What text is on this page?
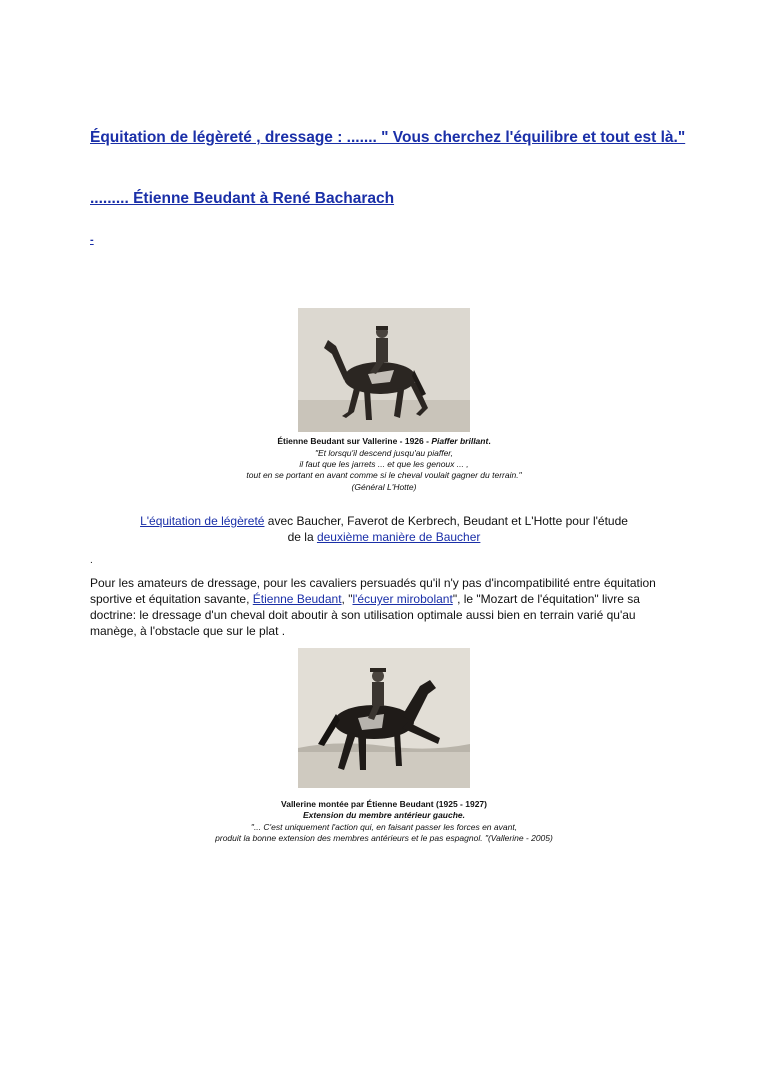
Équitation de légèreté , dressage : ....... " Vous cherchez l'équilibre et tout est là."
......... Étienne Beudant à René Bacharach
-

Étienne Beudant sur Vallerine - 1926 - Piaffer brillant.

"Et lorsqu'il descend jusqu'au piaffer,

il faut que les jarrets ... et que les genoux ... ,

tout en se portant en avant comme si le cheval voulait gagner du terrain."

(Général L'Hotte)

L'équitation de légèreté avec Baucher, Faverot de Kerbrech, Beudant et L'Hotte pour l'étude

de la deuxième manière de Baucher

.

Pour les amateurs de dressage, pour les cavaliers persuadés qu'il n'y pas d'incompatibilité entre équitation sportive et équitation savante, Étienne Beudant, "l'écuyer mirobolant", le "Mozart de l'équitation" livre sa doctrine: le dressage d'un cheval doit aboutir à son utilisation optimale aussi bien en terrain varié qu'au manège, à l'obstacle que sur le plat .

Vallerine montée par Étienne Beudant (1925 - 1927)

Extension du membre antérieur gauche.

"... C'est uniquement l'action qui, en faisant passer les forces en avant,

produit la bonne extension des membres antérieurs et le pas espagnol. "(Vallerine - 2005)
